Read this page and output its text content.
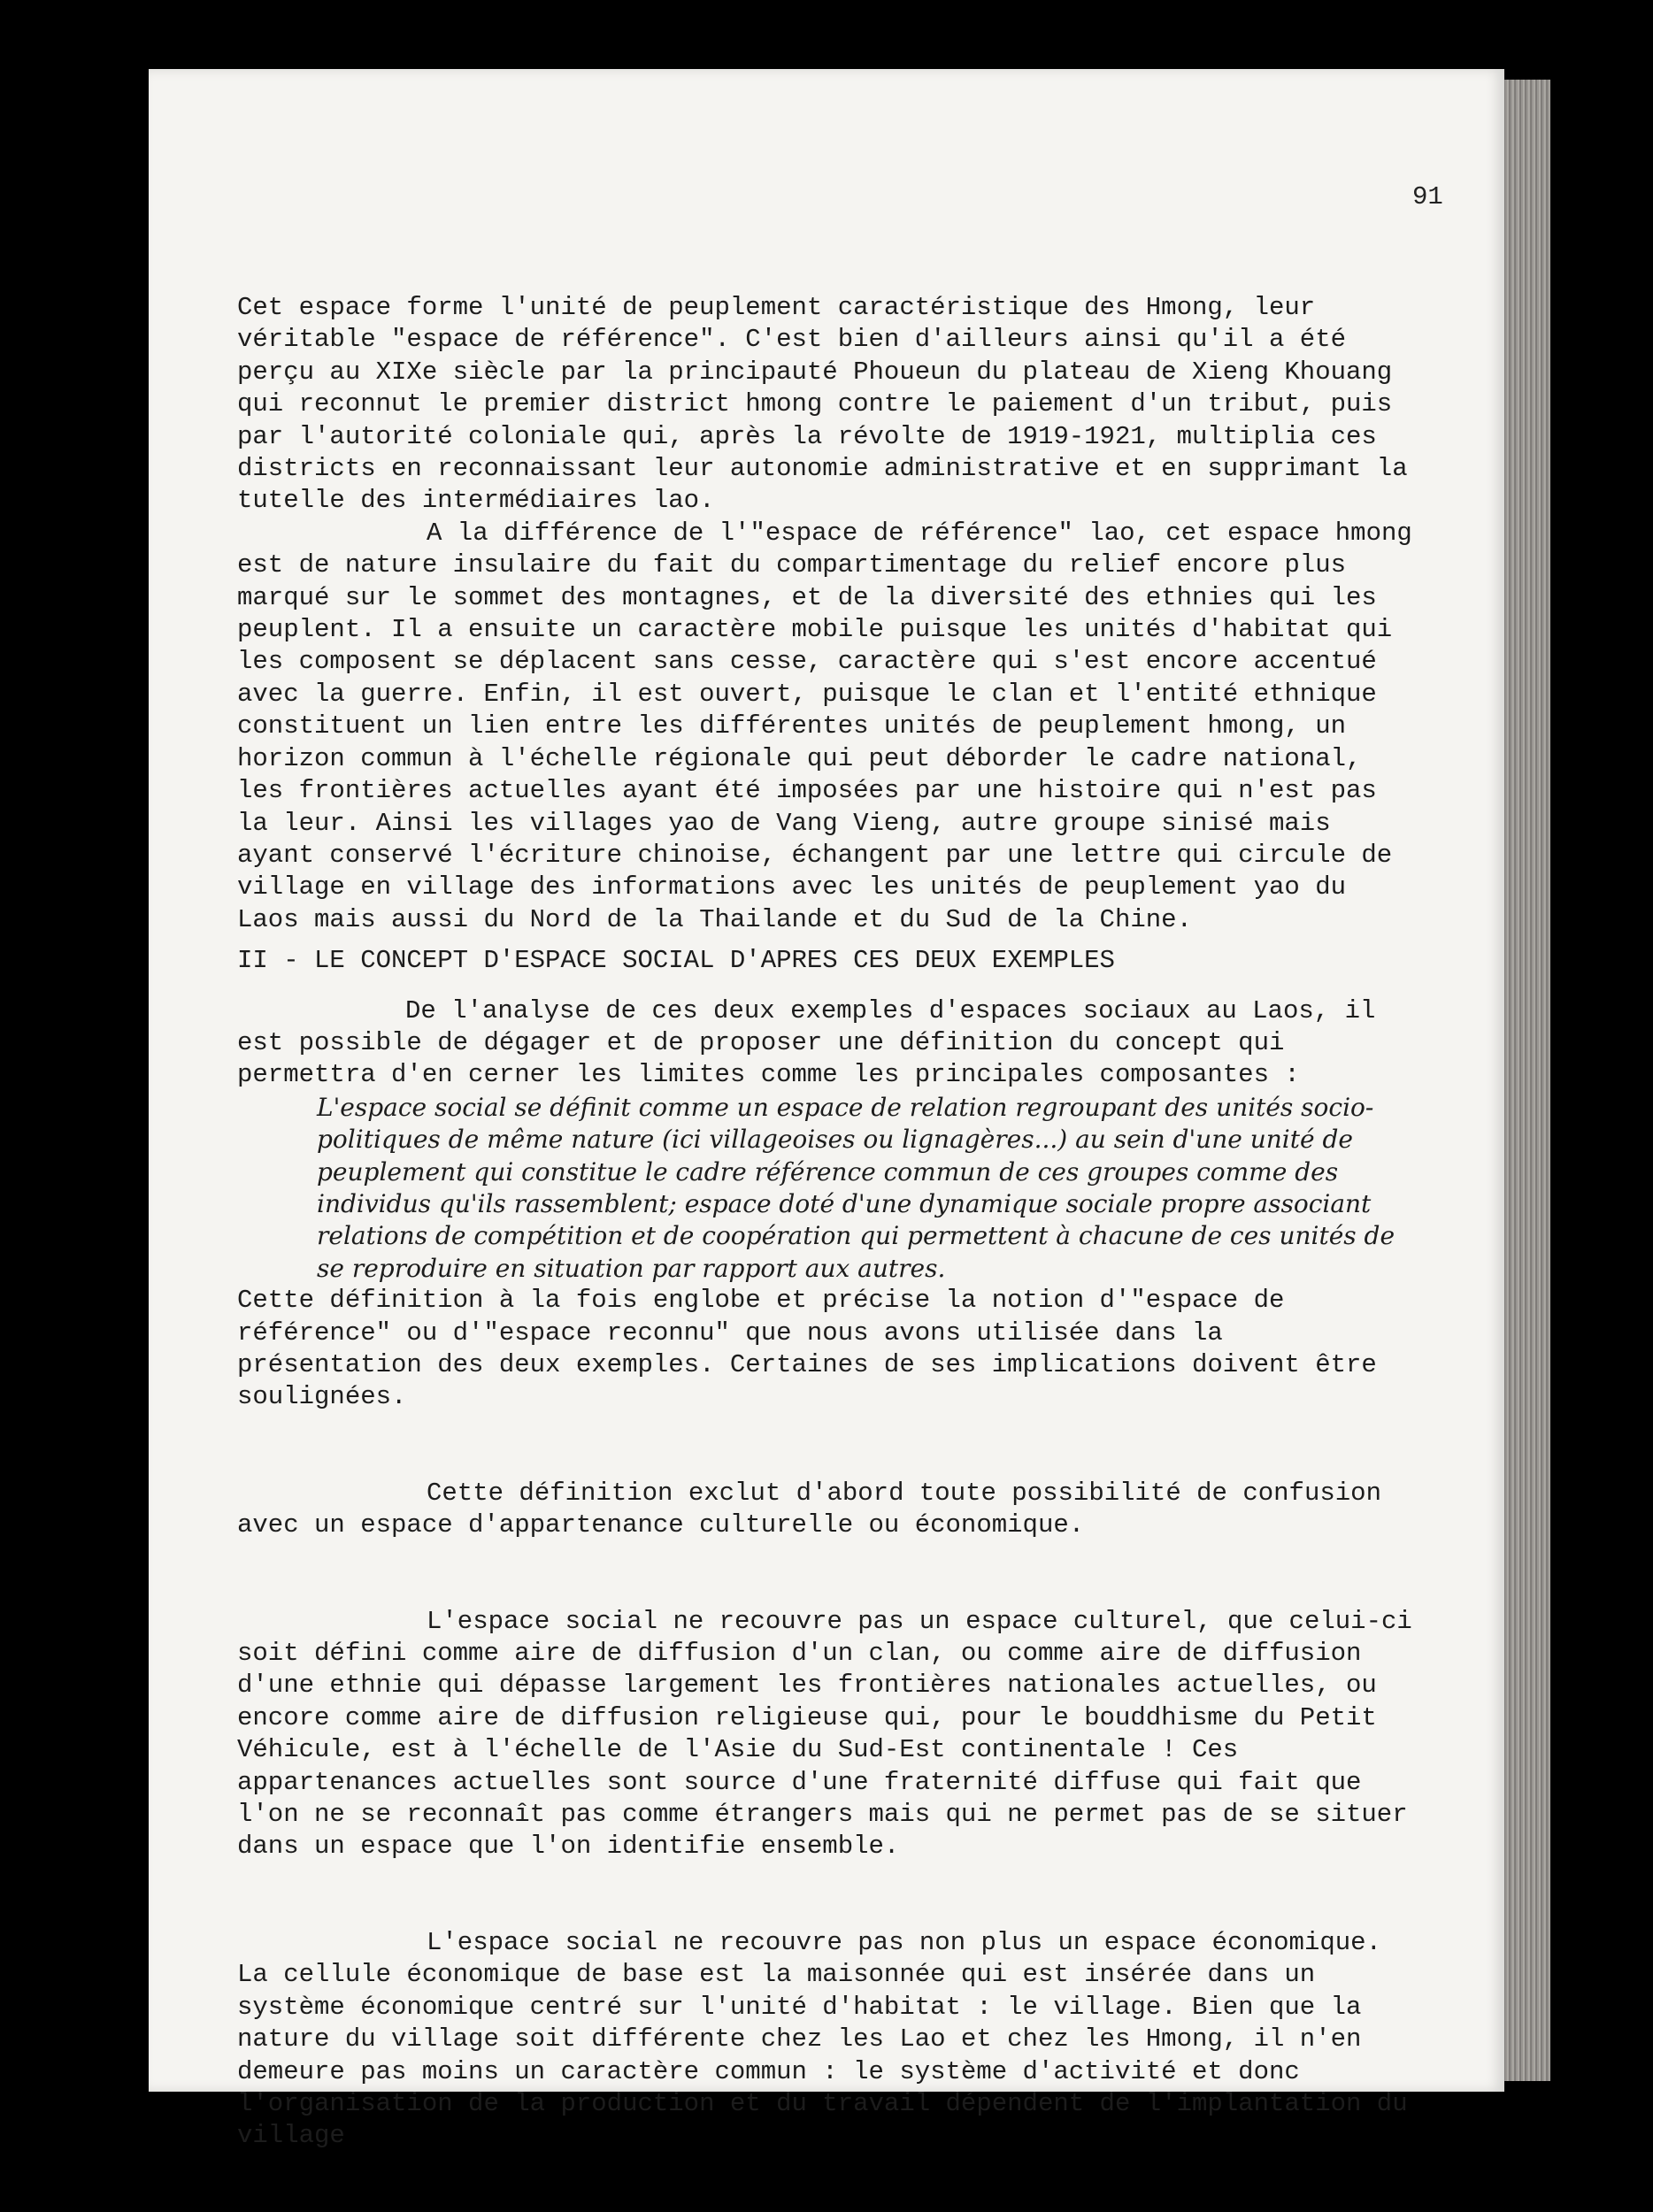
91

Cet espace forme l'unité de peuplement caractéristique des Hmong, leur véritable "espace de référence". C'est bien d'ailleurs ainsi qu'il a été perçu au XIXe siècle par la principauté Phoueun du plateau de Xieng Khouang qui reconnut le premier district hmong contre le paiement d'un tribut, puis par l'autorité coloniale qui, après la révolte de 1919-1921, multiplia ces districts en reconnaissant leur autonomie administrative et en supprimant la tutelle des intermédiaires lao.

A la différence de l'"espace de référence" lao, cet espace hmong est de nature insulaire du fait du compartimentage du relief encore plus marqué sur le sommet des montagnes, et de la diversité des ethnies qui les peuplent. Il a ensuite un caractère mobile puisque les unités d'habitat qui les composent se déplacent sans cesse, caractère qui s'est encore accentué avec la guerre. Enfin, il est ouvert, puisque le clan et l'entité ethnique constituent un lien entre les différentes unités de peuplement hmong, un horizon commun à l'échelle régionale qui peut déborder le cadre national, les frontières actuelles ayant été imposées par une histoire qui n'est pas la leur. Ainsi les villages yao de Vang Vieng, autre groupe sinisé mais ayant conservé l'écriture chinoise, échangent par une lettre qui circule de village en village des informations avec les unités de peuplement yao du Laos mais aussi du Nord de la Thailande et du Sud de la Chine.

II - LE CONCEPT D'ESPACE SOCIAL D'APRES CES DEUX EXEMPLES

De l'analyse de ces deux exemples d'espaces sociaux au Laos, il est possible de dégager et de proposer une définition du concept qui permettra d'en cerner les limites comme les principales composantes :

L'espace social se définit comme un espace de relation regroupant des unités socio-politiques de même nature (ici villageoises ou lignagères...) au sein d'une unité de peuplement qui constitue le cadre référence commun de ces groupes comme des individus qu'ils rassemblent; espace doté d'une dynamique sociale propre associant relations de compétition et de coopération qui permettent à chacune de ces unités de se reproduire en situation par rapport aux autres.

Cette définition à la fois englobe et précise la notion d'"espace de référence" ou d'"espace reconnu" que nous avons utilisée dans la présentation des deux exemples. Certaines de ses implications doivent être soulignées.

Cette définition exclut d'abord toute possibilité de confusion avec un espace d'appartenance culturelle ou économique.

L'espace social ne recouvre pas un espace culturel, que celui-ci soit défini comme aire de diffusion d'un clan, ou comme aire de diffusion d'une ethnie qui dépasse largement les frontières nationales actuelles, ou encore comme aire de diffusion religieuse qui, pour le bouddhisme du Petit Véhicule, est à l'échelle de l'Asie du Sud-Est continentale ! Ces appartenances actuelles sont source d'une fraternité diffuse qui fait que l'on ne se reconnaît pas comme étrangers mais qui ne permet pas de se situer dans un espace que l'on identifie ensemble.

L'espace social ne recouvre pas non plus un espace économique. La cellule économique de base est la maisonnée qui est insérée dans un système économique centré sur l'unité d'habitat : le village. Bien que la nature du village soit différente chez les Lao et chez les Hmong, il n'en demeure pas moins un caractère commun : le système d'activité et donc l'organisation de la production et du travail dépendent de l'implantation du village
